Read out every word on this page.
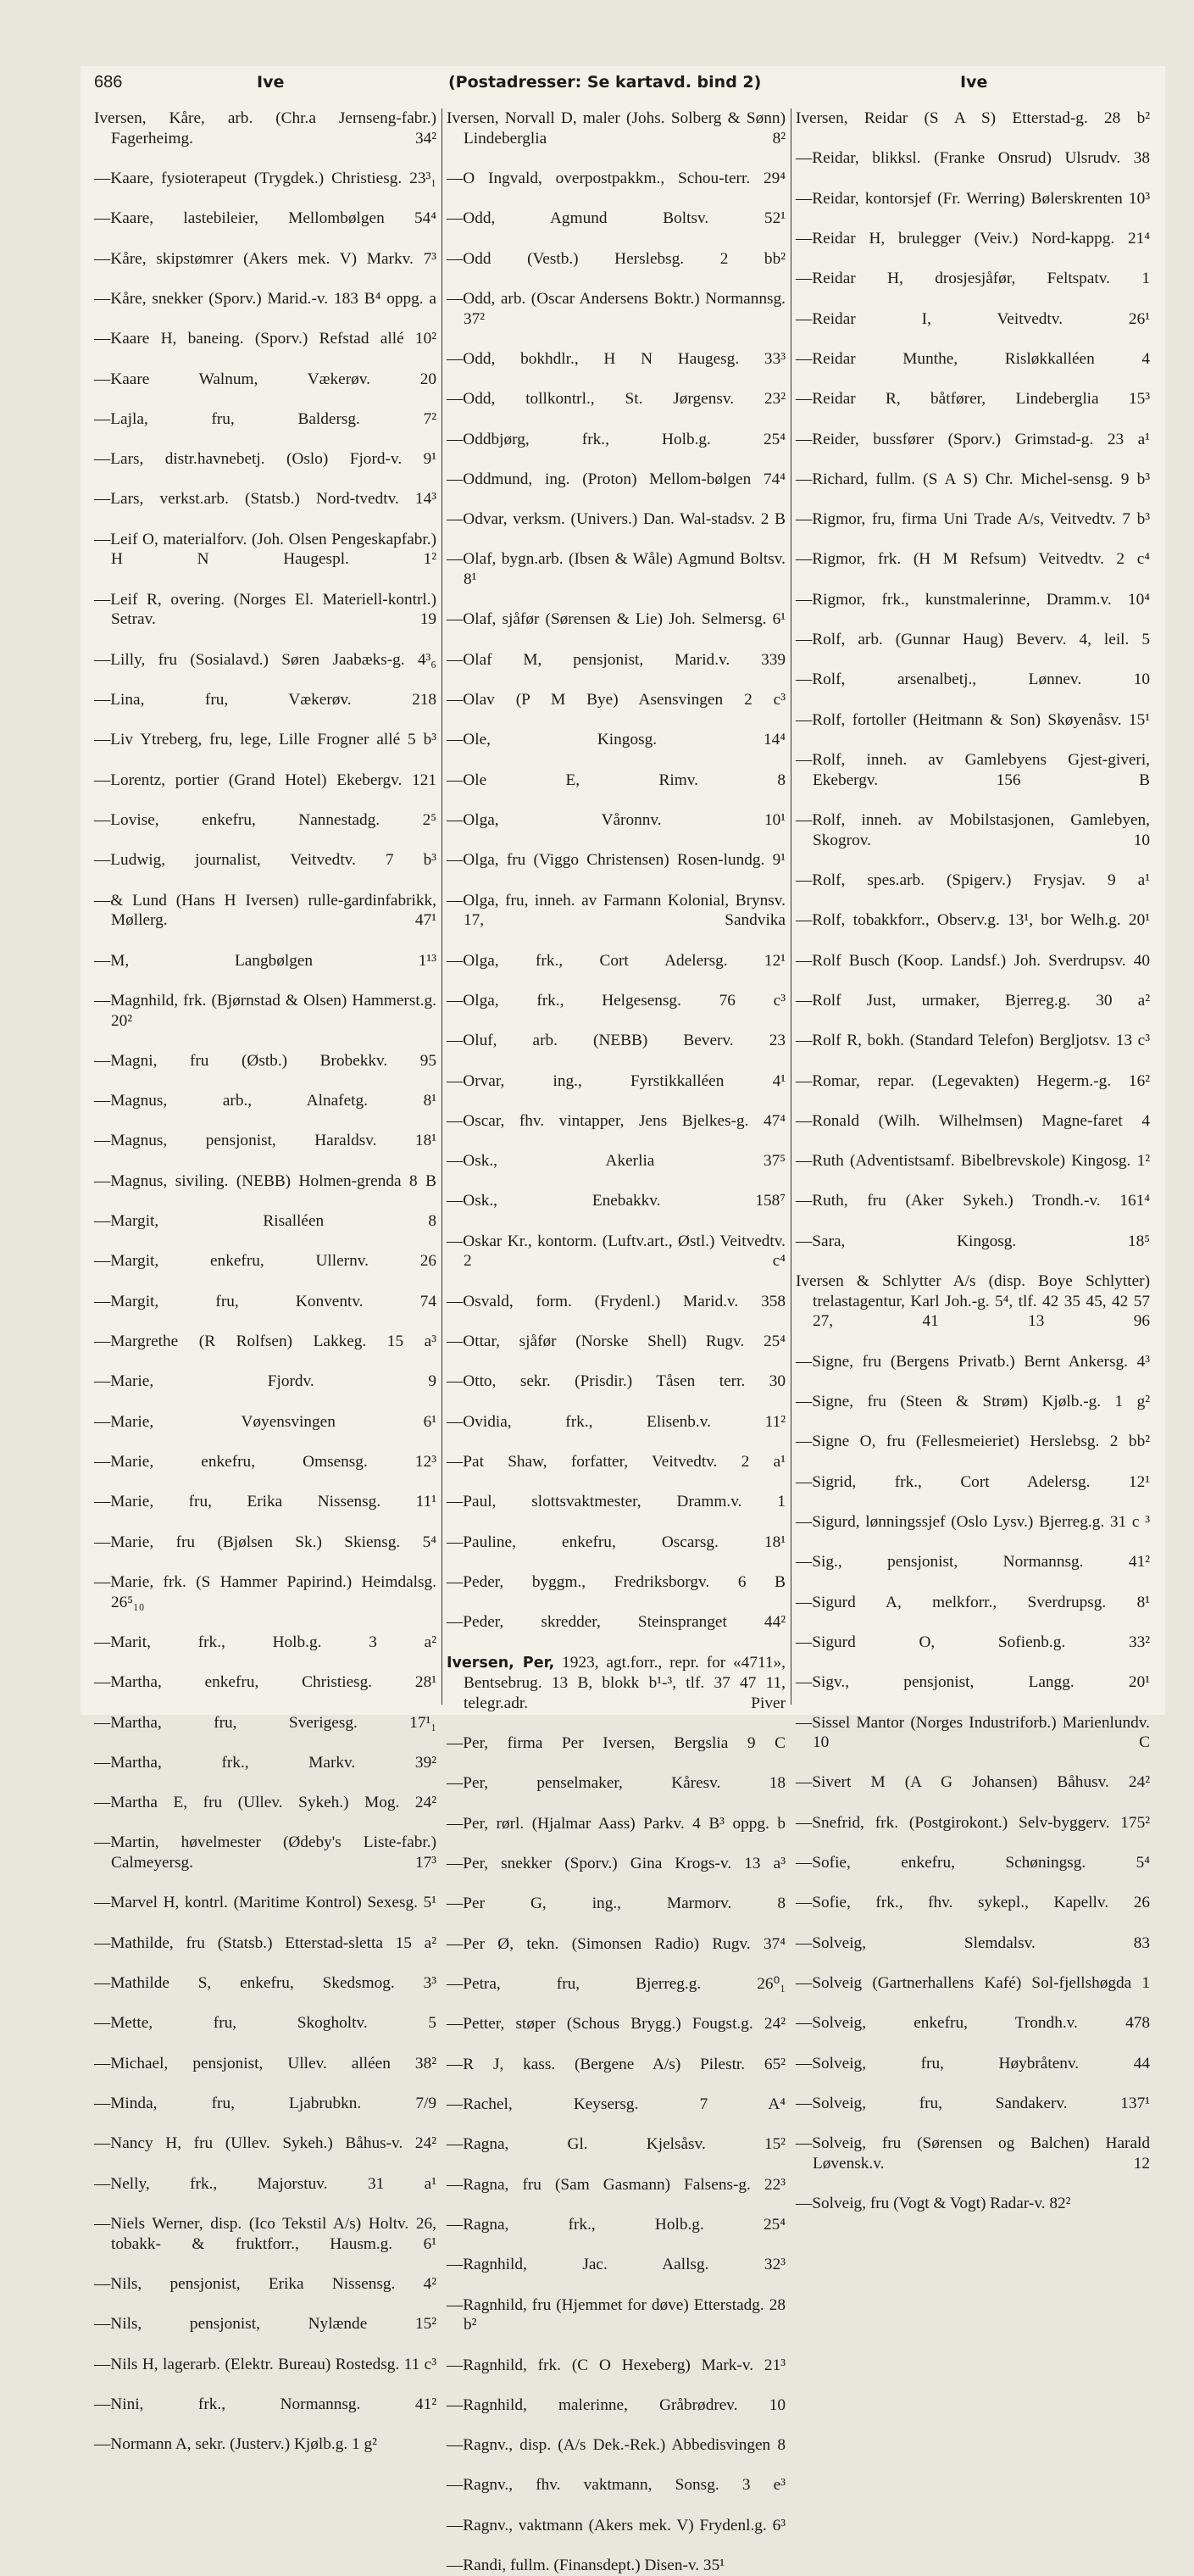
686	Ive	(Postadresser: Se kartavd. bind 2)	Ive

Iversen, Kåre, arb. (Chr.a Jernseng-fabr.) Fagerheimg. 34²

—Kaare, fysioterapeut (Trygdek.) Christiesg. 23³₁

—Kaare, lastebileier, Mellombølgen 54⁴

—Kåre, skipstømrer (Akers mek. V) Markv. 7³

—Kåre, snekker (Sporv.) Marid.-v. 183 B⁴ oppg. a

—Kaare H, baneing. (Sporv.) Refstad allé 10²

—Kaare Walnum, Vækerøv. 20

—Lajla, fru, Baldersg. 7²

—Lars, distr.havnebetj. (Oslo) Fjord-v. 9¹

—Lars, verkst.arb. (Statsb.) Nord-tvedtv. 14³

—Leif O, materialforv. (Joh. Olsen Pengeskapfabr.) H N Haugespl. 1²

—Leif R, overing. (Norges El. Materiell-kontrl.) Setrav. 19

—Lilly, fru (Sosialavd.) Søren Jaabæks-g. 4³₆

—Lina, fru, Vækerøv. 218

—Liv Ytreberg, fru, lege, Lille Frogner allé 5 b³

—Lorentz, portier (Grand Hotel) Ekebergv. 121

—Lovise, enkefru, Nannestadg. 2⁵

—Ludwig, journalist, Veitvedtv. 7 b³

—& Lund (Hans H Iversen) rulle-gardinfabrikk, Møllerg. 47¹

—M, Langbølgen 1¹³

—Magnhild, frk. (Bjørnstad & Olsen) Hammerst.g. 20²

—Magni, fru (Østb.) Brobekkv. 95

—Magnus, arb., Alnafetg. 8¹

—Magnus, pensjonist, Haraldsv. 18¹

—Magnus, siviling. (NEBB) Holmen-grenda 8 B

—Margit, Risalléen 8

—Margit, enkefru, Ullernv. 26

—Margit, fru, Konventv. 74

—Margrethe (R Rolfsen) Lakkeg. 15 a³

—Marie, Fjordv. 9

—Marie, Vøyensvingen 6¹

—Marie, enkefru, Omsensg. 12³

—Marie, fru, Erika Nissensg. 11¹

—Marie, fru (Bjølsen Sk.) Skiensg. 5⁴

—Marie, frk. (S Hammer Papirind.) Heimdalsg. 26⁵₁₀

—Marit, frk., Holb.g. 3 a²

—Martha, enkefru, Christiesg. 28¹

—Martha, fru, Sverigesg. 17¹₁

—Martha, frk., Markv. 39²

—Martha E, fru (Ullev. Sykeh.) Mog. 24²

—Martin, høvelmester (Ødeby's Liste-fabr.) Calmeyersg. 17³

—Marvel H, kontrl. (Maritime Kontrol) Sexesg. 5¹

—Mathilde, fru (Statsb.) Etterstad-sletta 15 a²

—Mathilde S, enkefru, Skedsmog. 3³

—Mette, fru, Skogholtv. 5

—Michael, pensjonist, Ullev. alléen 38²

—Minda, fru, Ljabrubkn. 7/9

—Nancy H, fru (Ullev. Sykeh.) Båhus-v. 24²

—Nelly, frk., Majorstuv. 31 a¹

—Niels Werner, disp. (Ico Tekstil A/s) Holtv. 26, tobakk- & fruktforr., Hausm.g. 6¹

—Nils, pensjonist, Erika Nissensg. 4²

—Nils, pensjonist, Nylænde 15²

—Nils H, lagerarb. (Elektr. Bureau) Rostedsg. 11 c³

—Nini, frk., Normannsg. 41²

—Normann A, sekr. (Justerv.) Kjølb.g. 1 g²

Iversen, Norvall D, maler (Johs. Solberg & Sønn) Lindeberglia 8²

—O Ingvald, overpostpakkm., Schou-terr. 29⁴

—Odd, Agmund Boltsv. 52¹

—Odd (Vestb.) Herslebsg. 2 bb²

—Odd, arb. (Oscar Andersens Boktr.) Normannsg. 37²

—Odd, bokhdlr., H N Haugesg. 33³

—Odd, tollkontrl., St. Jørgensv. 23²

—Oddbjørg, frk., Holb.g. 25⁴

—Oddmund, ing. (Proton) Mellom-bølgen 74⁴

—Odvar, verksm. (Univers.) Dan. Wal-stadsv. 2 B

—Olaf, bygn.arb. (Ibsen & Wåle) Agmund Boltsv. 8¹

—Olaf, sjåfør (Sørensen & Lie) Joh. Selmersg. 6¹

—Olaf M, pensjonist, Marid.v. 339

—Olav (P M Bye) Asensvingen 2 c³

—Ole, Kingosg. 14⁴

—Ole E, Rimv. 8

—Olga, Våronnv. 10¹

—Olga, fru (Viggo Christensen) Rosen-lundg. 9¹

—Olga, fru, inneh. av Farmann Kolonial, Brynsv. 17, Sandvika

—Olga, frk., Cort Adelersg. 12¹

—Olga, frk., Helgesensg. 76 c³

—Oluf, arb. (NEBB) Beverv. 23

—Orvar, ing., Fyrstikkalléen 4¹

—Oscar, fhv. vintapper, Jens Bjelkes-g. 47⁴

—Osk., Akerlia 37⁵

—Osk., Enebakkv. 158⁷

—Oskar Kr., kontorm. (Luftv.art., Østl.) Veitvedtv. 2 c⁴

—Osvald, form. (Frydenl.) Marid.v. 358

—Ottar, sjåfør (Norske Shell) Rugv. 25⁴

—Otto, sekr. (Prisdir.) Tåsen terr. 30

—Ovidia, frk., Elisenb.v. 11²

—Pat Shaw, forfatter, Veitvedtv. 2 a¹

—Paul, slottsvaktmester, Dramm.v. 1

—Pauline, enkefru, Oscarsg. 18¹

—Peder, byggm., Fredriksborgv. 6 B

—Peder, skredder, Steinspranget 44²

Iversen, Per, 1923, agt.forr., repr. for «4711», Bentsebrug. 13 B, blokk b¹‑³, tlf. 37 47 11, telegr.adr. Piver

—Per, firma Per Iversen, Bergslia 9 C

—Per, penselmaker, Kåresv. 18

—Per, rørl. (Hjalmar Aass) Parkv. 4 B³ oppg. b

—Per, snekker (Sporv.) Gina Krogs-v. 13 a³

—Per G, ing., Marmorv. 8

—Per Ø, tekn. (Simonsen Radio) Rugv. 37⁴

—Petra, fru, Bjerreg.g. 26⁰₁

—Petter, støper (Schous Brygg.) Fougst.g. 24²

—R J, kass. (Bergene A/s) Pilestr. 65²

—Rachel, Keysersg. 7 A⁴

—Ragna, Gl. Kjelsåsv. 15²

—Ragna, fru (Sam Gasmann) Falsens-g. 22³

—Ragna, frk., Holb.g. 25⁴

—Ragnhild, Jac. Aallsg. 32³

—Ragnhild, fru (Hjemmet for døve) Etterstadg. 28 b²

—Ragnhild, frk. (C O Hexeberg) Mark-v. 21³

—Ragnhild, malerinne, Gråbrødrev. 10

—Ragnv., disp. (A/s Dek.-Rek.) Abbedisvingen 8

—Ragnv., fhv. vaktmann, Sonsg. 3 e³

—Ragnv., vaktmann (Akers mek. V) Frydenl.g. 6³

—Randi, fullm. (Finansdept.) Disen-v. 35¹

Iversen, Reidar (S A S) Etterstad-g. 28 b²

—Reidar, blikksl. (Franke Onsrud) Ulsrudv. 38

—Reidar, kontorsjef (Fr. Werring) Bølerskrenten 10³

—Reidar H, brulegger (Veiv.) Nord-kappg. 21⁴

—Reidar H, drosjesjåfør, Feltspatv. 1

—Reidar I, Veitvedtv. 26¹

—Reidar Munthe, Risløkkalléen 4

—Reidar R, båtfører, Lindeberglia 15³

—Reider, bussfører (Sporv.) Grimstad-g. 23 a¹

—Richard, fullm. (S A S) Chr. Michel-sensg. 9 b³

—Rigmor, fru, firma Uni Trade A/s, Veitvedtv. 7 b³

—Rigmor, frk. (H M Refsum) Veitvedtv. 2 c⁴

—Rigmor, frk., kunstmalerinne, Dramm.v. 10⁴

—Rolf, arb. (Gunnar Haug) Beverv. 4, leil. 5

—Rolf, arsenalbetj., Lønnev. 10

—Rolf, fortoller (Heitmann & Son) Skøyenåsv. 15¹

—Rolf, inneh. av Gamlebyens Gjest-giveri, Ekebergv. 156 B

—Rolf, inneh. av Mobilstasjonen, Gamlebyen, Skogrov. 10

—Rolf, spes.arb. (Spigerv.) Frysjav. 9 a¹

—Rolf, tobakkforr., Observ.g. 13¹, bor Welh.g. 20¹

—Rolf Busch (Koop. Landsf.) Joh. Sverdrupsv. 40

—Rolf Just, urmaker, Bjerreg.g. 30 a²

—Rolf R, bokh. (Standard Telefon) Bergljotsv. 13 c³

—Romar, repar. (Legevakten) Hegerm.-g. 16²

—Ronald (Wilh. Wilhelmsen) Magne-faret 4

—Ruth (Adventistsamf. Bibelbrevskole) Kingosg. 1²

—Ruth, fru (Aker Sykeh.) Trondh.-v. 161⁴

—Sara, Kingosg. 18⁵

Iversen & Schlytter A/s (disp. Boye Schlytter) trelastagentur, Karl Joh.-g. 5⁴, tlf. 42 35 45, 42 57 27, 41 13 96

—Signe, fru (Bergens Privatb.) Bernt Ankersg. 4³

—Signe, fru (Steen & Strøm) Kjølb.-g. 1 g²

—Signe O, fru (Fellesmeieriet) Herslebsg. 2 bb²

—Sigrid, frk., Cort Adelersg. 12¹

—Sigurd, lønningssjef (Oslo Lysv.) Bjerreg.g. 31 c ³

—Sig., pensjonist, Normannsg. 41²

—Sigurd A, melkforr., Sverdrupsg. 8¹

—Sigurd O, Sofienb.g. 33²

—Sigv., pensjonist, Langg. 20¹

—Sissel Mantor (Norges Industriforb.) Marienlundv. 10 C

—Sivert M (A G Johansen) Båhusv. 24²

—Snefrid, frk. (Postgirokont.) Selv-byggerv. 175²

—Sofie, enkefru, Schøningsg. 5⁴

—Sofie, frk., fhv. sykepl., Kapellv. 26

—Solveig, Slemdalsv. 83

—Solveig (Gartnerhallens Kafé) Sol-fjellshøgda 1

—Solveig, enkefru, Trondh.v. 478

—Solveig, fru, Høybråtenv. 44

—Solveig, fru, Sandakerv. 137¹

—Solveig, fru (Sørensen og Balchen) Harald Løvensk.v. 12

—Solveig, fru (Vogt & Vogt) Radar-v. 82²
